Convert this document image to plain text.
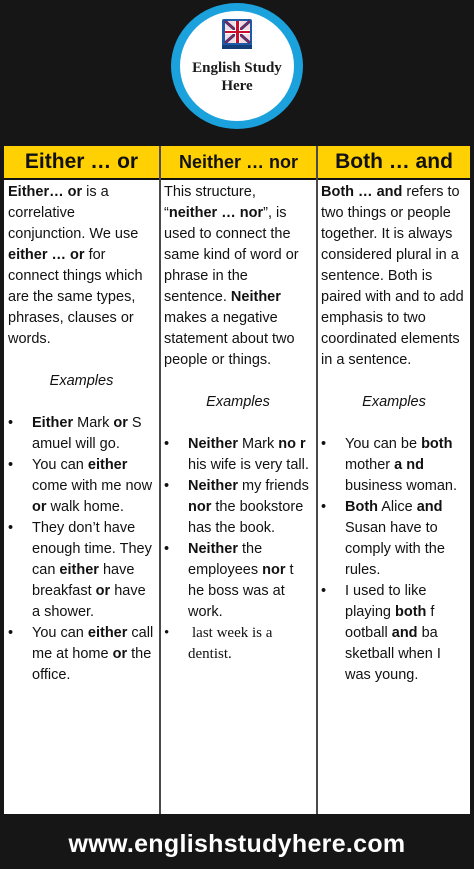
English Study
Here
Either … or	Neither … nor	Both … and

Either… or is a correlative conjunction. We use either … or for connect things which are the same types, phrases, clauses or words.

Examples

• Either Mark or S amuel will go.
• You can either come with me now or walk home.
• They don’t have enough time. They can either have breakfast or have a shower.
• You can either call me at home or the office.

This structure, “neither … nor”, is used to connect the same kind of word or phrase in the sentence. Neither makes a negative statement about two people or things.

Examples

• Neither Mark no r his wife is very tall.
• Neither my friends nor the bookstore has the book.
• Neither the employees nor t he boss was at work.
• last week is a dentist.

Both … and refers to two things or people together. It is always considered plural in a sentence. Both is paired with and to add emphasis to two coordinated elements in a sentence.

Examples

• You can be both mother a nd business woman.
• Both Alice and Susan have to comply with the rules.
• I used to like playing both f ootball and ba sketball when I was young.
www.englishstudyhere.com
